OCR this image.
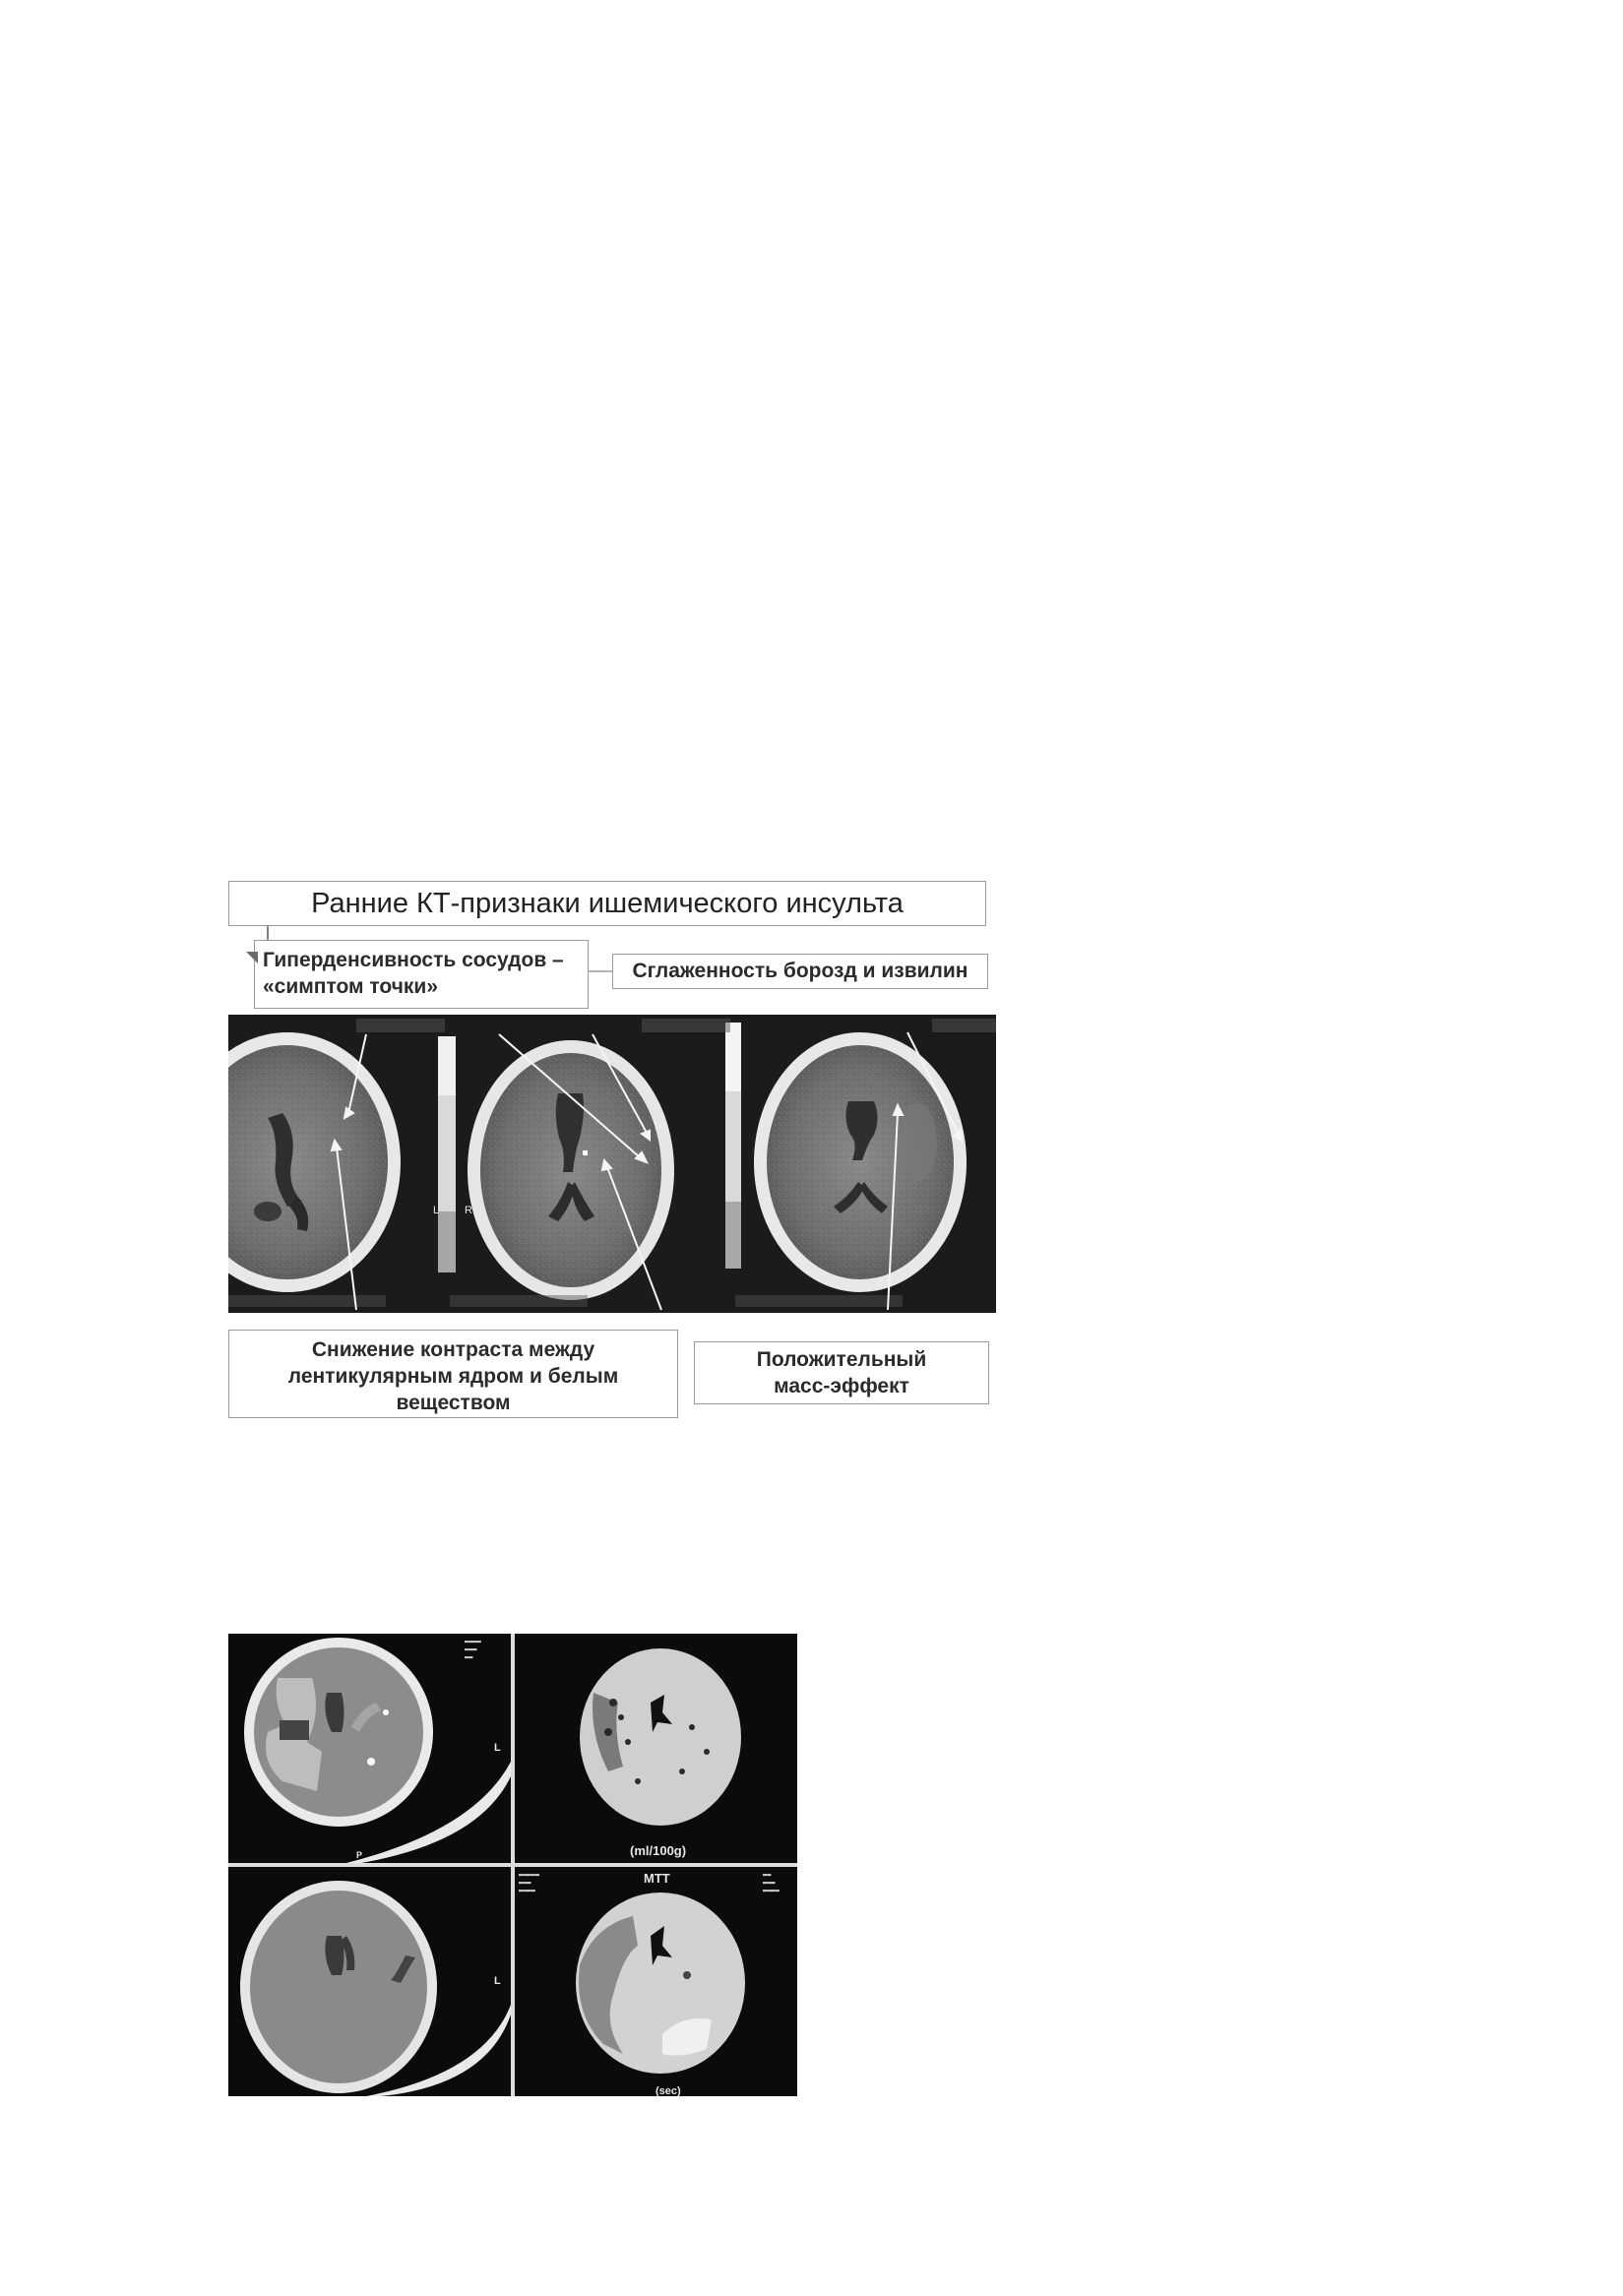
L R
Ранние КТ-признаки ишемического инсульта
Гиперденсивность сосудов –
«симптом точки»
Сглаженность борозд и извилин
Снижение контраста между
лентикулярным ядром и белым
веществом
Положительный
масс-эффект
L
P
▬▬▬▬
▬▬▬
▬▬
(ml/100g)
L
MTT
(sec)
▬▬▬▬▬
▬▬▬
▬▬▬▬
▬▬
▬▬▬
▬▬▬▬
